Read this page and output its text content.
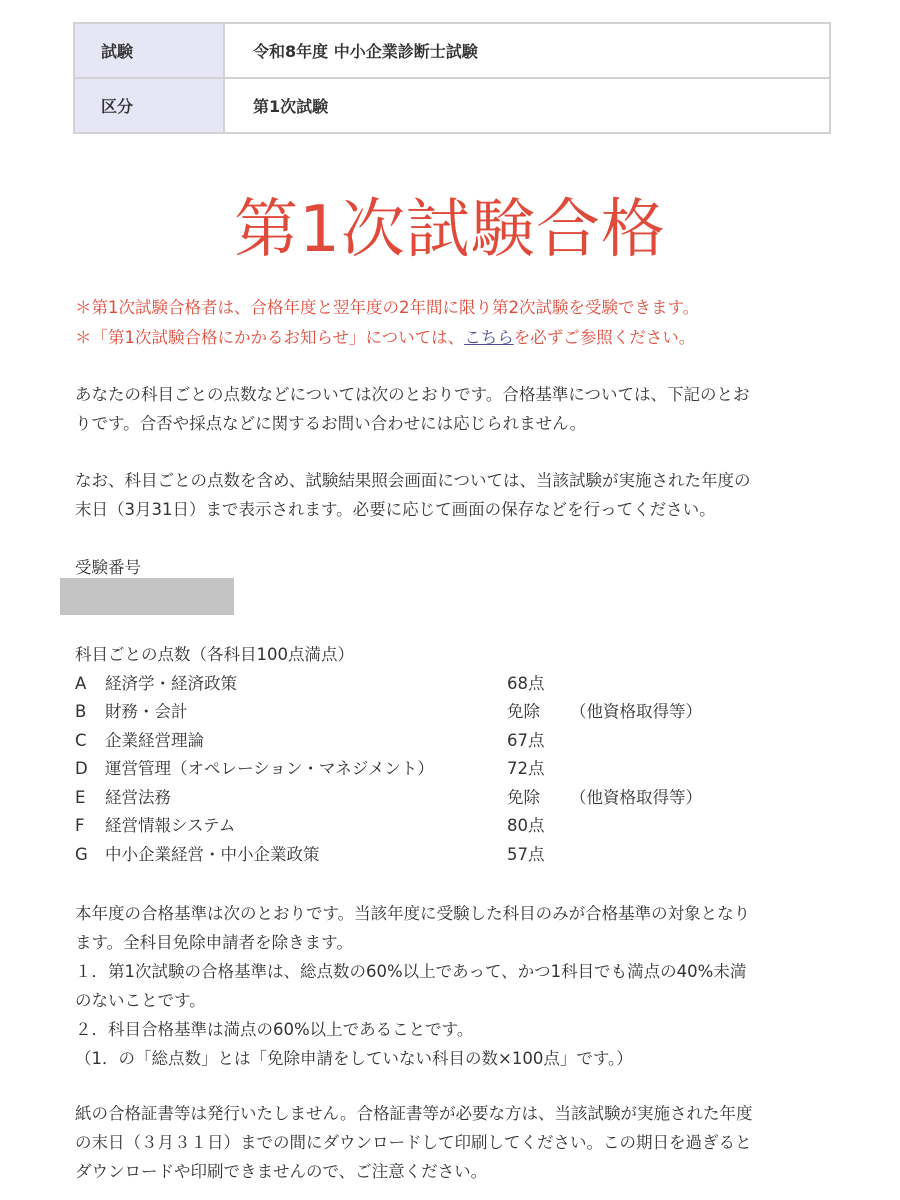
試験	令和8年度 中小企業診断士試験
区分	第1次試験
第1次試験合格
＊第1次試験合格者は、合格年度と翌年度の2年間に限り第2次試験を受験できます。
＊「第1次試験合格にかかるお知らせ」については、こちらを必ずご参照ください。
あなたの科目ごとの点数などについては次のとおりです。合格基準については、下記のとお
りです。合否や採点などに関するお問い合わせには応じられません。
なお、科目ごとの点数を含め、試験結果照会画面については、当該試験が実施された年度の
末日（3月31日）まで表示されます。必要に応じて画面の保存などを行ってください。
受験番号
科目ごとの点数（各科目100点満点）
A 経済学・経済政策	68点
B 財務・会計	免除 （他資格取得等）
C 企業経営理論	67点
D 運営管理（オペレーション・マネジメント）	72点
E 経営法務	免除 （他資格取得等）
F 経営情報システム	80点
G 中小企業経営・中小企業政策	57点
本年度の合格基準は次のとおりです。当該年度に受験した科目のみが合格基準の対象となり
ます。全科目免除申請者を除きます。
１．第1次試験の合格基準は、総点数の60%以上であって、かつ1科目でも満点の40%未満
のないことです。
２．科目合格基準は満点の60%以上であることです。
（1．の「総点数」とは「免除申請をしていない科目の数×100点」です。）
紙の合格証書等は発行いたしません。合格証書等が必要な方は、当該試験が実施された年度
の末日（３月３１日）までの間にダウンロードして印刷してください。この期日を過ぎると
ダウンロードや印刷できませんので、ご注意ください。
